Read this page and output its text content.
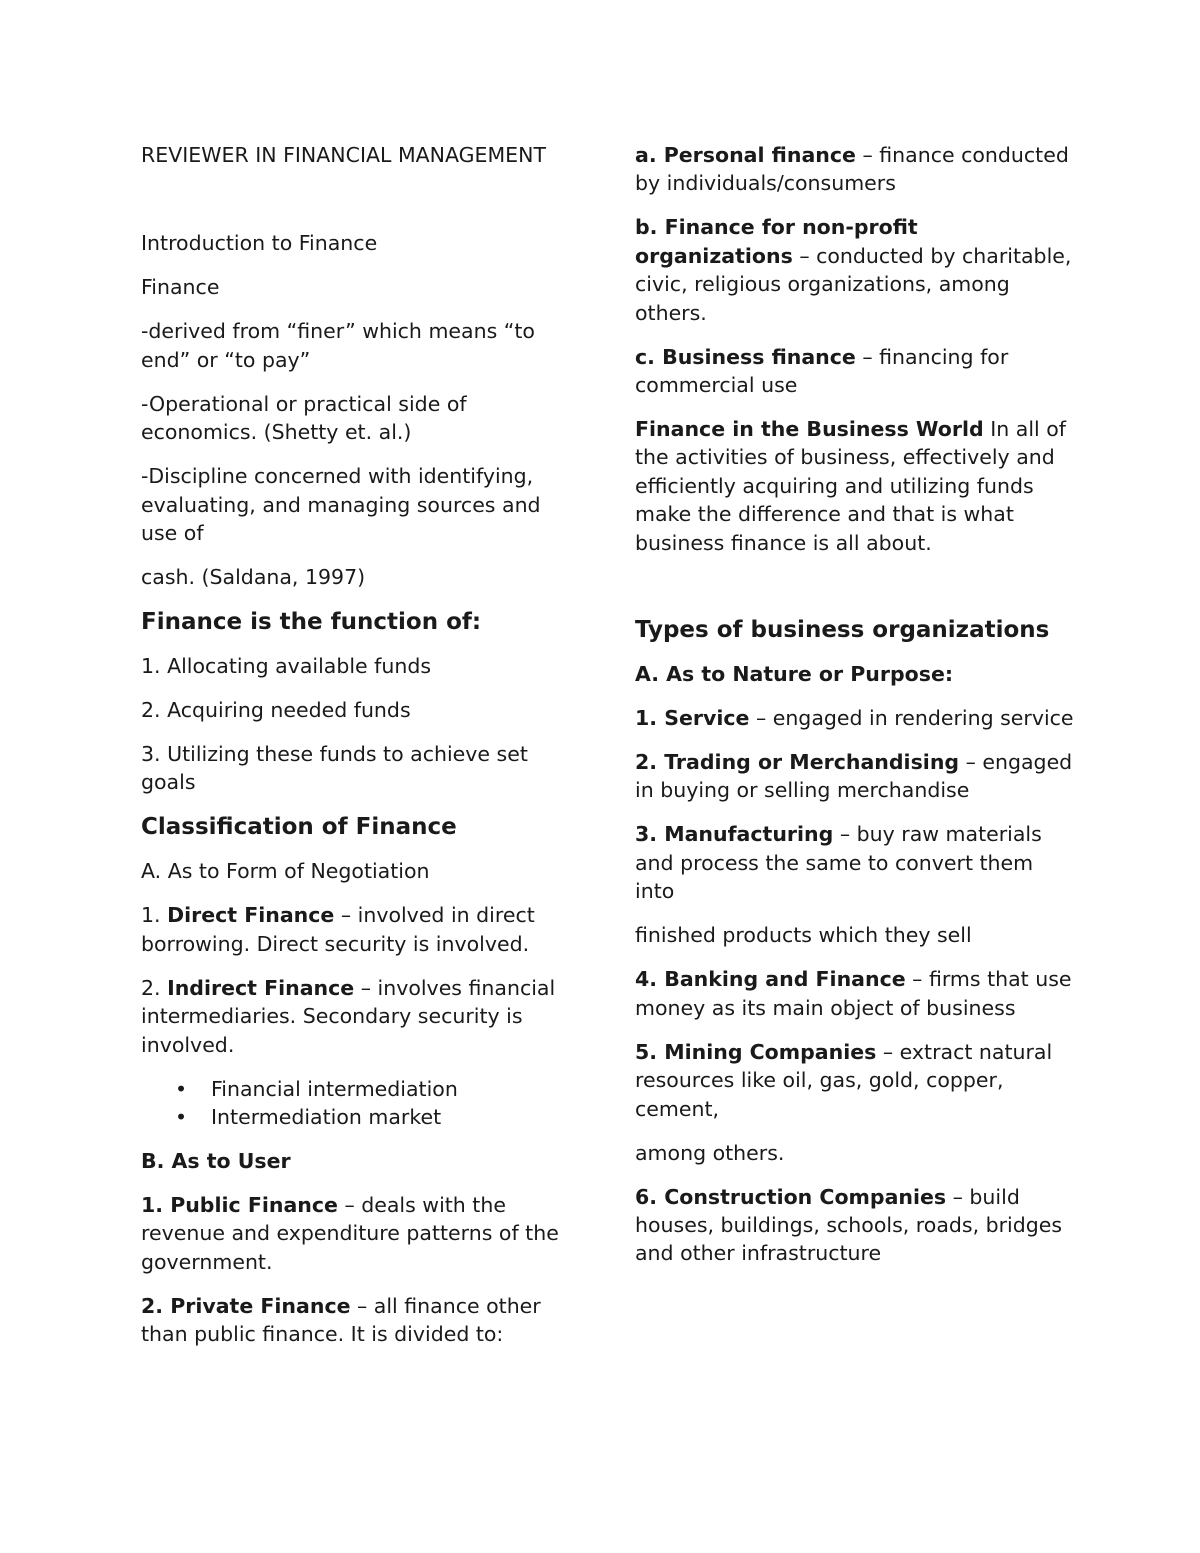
REVIEWER IN FINANCIAL MANAGEMENT

Introduction to Finance

Finance

-derived from “finer” which means “to end” or “to pay”

-Operational or practical side of economics. (Shetty et. al.)

-Discipline concerned with identifying, evaluating, and managing sources and use of

cash. (Saldana, 1997)

Finance is the function of:

1. Allocating available funds

2. Acquiring needed funds

3. Utilizing these funds to achieve set goals

Classification of Finance

A. As to Form of Negotiation

1. Direct Finance – involved in direct borrowing. Direct security is involved.

2. Indirect Finance – involves financial intermediaries. Secondary security is involved.

• Financial intermediation
• Intermediation market

B. As to User

1. Public Finance – deals with the revenue and expenditure patterns of the government.

2. Private Finance – all finance other than public finance. It is divided to:

a. Personal finance – finance conducted by individuals/consumers

b. Finance for non-profit organizations – conducted by charitable, civic, religious organizations, among others.

c. Business finance – financing for commercial use

Finance in the Business World In all of the activities of business, effectively and efficiently acquiring and utilizing funds make the difference and that is what business finance is all about.

Types of business organizations

A. As to Nature or Purpose:

1. Service – engaged in rendering service

2. Trading or Merchandising – engaged in buying or selling merchandise

3. Manufacturing – buy raw materials and process the same to convert them into

finished products which they sell

4. Banking and Finance – firms that use money as its main object of business

5. Mining Companies – extract natural resources like oil, gas, gold, copper, cement,

among others.

6. Construction Companies – build houses, buildings, schools, roads, bridges and other infrastructure
